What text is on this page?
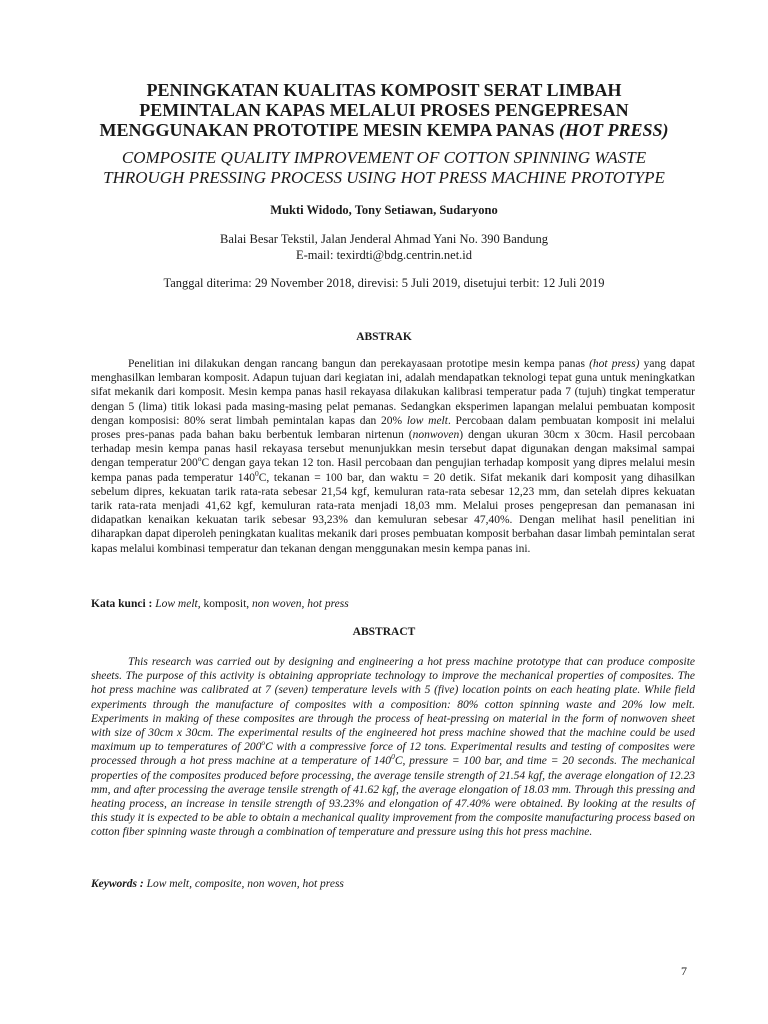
PENINGKATAN KUALITAS KOMPOSIT SERAT LIMBAH
PEMINTALAN KAPAS MELALUI PROSES PENGEPRESAN
MENGGUNAKAN PROTOTIPE MESIN KEMPA PANAS (HOT PRESS)
COMPOSITE QUALITY IMPROVEMENT OF COTTON SPINNING WASTE
THROUGH PRESSING PROCESS USING HOT PRESS MACHINE PROTOTYPE
Mukti Widodo, Tony Setiawan, Sudaryono
Balai Besar Tekstil, Jalan Jenderal Ahmad Yani No. 390 Bandung
E-mail: texirdti@bdg.centrin.net.id
Tanggal diterima: 29 November 2018, direvisi: 5 Juli 2019, disetujui terbit: 12 Juli 2019
ABSTRAK

Penelitian ini dilakukan dengan rancang bangun dan perekayasaan prototipe mesin kempa panas (hot press) yang dapat menghasilkan lembaran komposit. Adapun tujuan dari kegiatan ini, adalah mendapatkan teknologi tepat guna untuk meningkatkan sifat mekanik dari komposit. Mesin kempa panas hasil rekayasa dilakukan kalibrasi temperatur pada 7 (tujuh) tingkat temperatur dengan 5 (lima) titik lokasi pada masing-masing pelat pemanas. Sedangkan eksperimen lapangan melalui pembuatan komposit dengan komposisi: 80% serat limbah pemintalan kapas dan 20% low melt. Percobaan dalam pembuatan komposit ini melalui proses pres-panas pada bahan baku berbentuk lembaran nirtenun (nonwoven) dengan ukuran 30cm x 30cm. Hasil percobaan terhadap mesin kempa panas hasil rekayasa tersebut menunjukkan mesin tersebut dapat digunakan dengan maksimal sampai dengan temperatur 200$^o$C dengan gaya tekan 12 ton. Hasil percobaan dan pengujian terhadap komposit yang dipres melalui mesin kempa panas pada temperatur $140^0C$, tekanan = 100 bar, dan waktu = 20 detik. Sifat mekanik dari komposit yang dihasilkan sebelum dipres, kekuatan tarik rata-rata sebesar 21,54 kgf, kemuluran rata-rata sebesar 12,23 mm, dan setelah dipres kekuatan tarik rata-rata menjadi 41,62 kgf, kemuluran rata-rata menjadi 18,03 mm. Melalui proses pengepresan dan pemanasan ini didapatkan kenaikan kekuatan tarik sebesar 93,23% dan kemuluran sebesar 47,40%. Dengan melihat hasil penelitian ini diharapkan dapat diperoleh peningkatan kualitas mekanik dari proses pembuatan komposit berbahan dasar limbah pemintalan serat kapas melalui kombinasi temperatur dan tekanan dengan menggunakan mesin kempa panas ini.

Kata kunci : Low melt, komposit, non woven, hot press
ABSTRACT

This research was carried out by designing and engineering a hot press machine prototype that can produce composite sheets. The purpose of this activity is obtaining appropriate technology to improve the mechanical properties of composites. The hot press machine was calibrated at 7 (seven) temperature levels with 5 (five) location points on each heating plate. While field experiments through the manufacture of composites with a composition: 80% cotton spinning waste and 20% low melt. Experiments in making of these composites are through the process of heat-pressing on material in the form of nonwoven sheet with size of 30cm x 30cm. The experimental results of the engineered hot press machine showed that the machine could be used maximum up to temperatures of 200$^o$C with a compressive force of 12 tons. Experimental results and testing of composites were processed through a hot press machine at a temperature of $140^0C$, pressure = 100 bar, and time = 20 seconds. The mechanical properties of the composites produced before processing, the average tensile strength of 21.54 kgf, the average elongation of 12.23 mm, and after processing the average tensile strength of 41.62 kgf, the average elongation of 18.03 mm. Through this pressing and heating process, an increase in tensile strength of 93.23% and elongation of 47.40% were obtained. By looking at the results of this study it is expected to be able to obtain a mechanical quality improvement from the composite manufacturing process based on cotton fiber spinning waste through a combination of temperature and pressure using this hot press machine.

Keywords : Low melt, composite, non woven, hot press
7
